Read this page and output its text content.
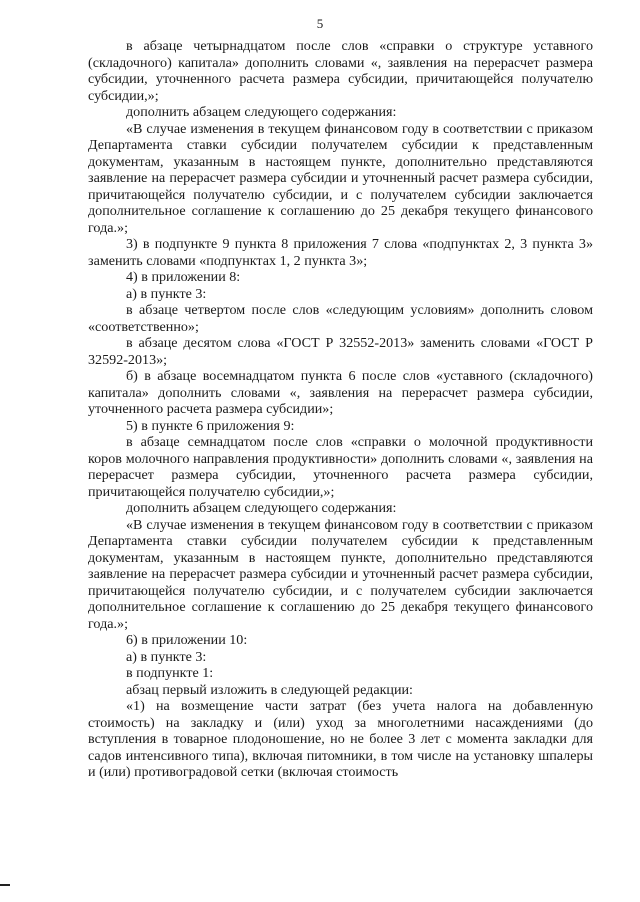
5

в абзаце четырнадцатом после слов «справки о структуре уставного (складочного) капитала» дополнить словами «, заявления на перерасчет размера субсидии, уточненного расчета размера субсидии, причитающейся получателю субсидии,»;

дополнить абзацем следующего содержания:

«В случае изменения в текущем финансовом году в соответствии с приказом Департамента ставки субсидии получателем субсидии к представленным документам, указанным в настоящем пункте, дополнительно представляются заявление на перерасчет размера субсидии и уточненный расчет размера субсидии, причитающейся получателю субсидии, и с получателем субсидии заключается дополнительное соглашение к соглашению до 25 декабря текущего финансового года.»;

3) в подпункте 9 пункта 8 приложения 7 слова «подпунктах 2, 3 пункта 3» заменить словами «подпунктах 1, 2 пункта 3»;

4) в приложении 8:

а) в пункте 3:

в абзаце четвертом после слов «следующим условиям» дополнить словом «соответственно»;

в абзаце десятом слова «ГОСТ Р 32552-2013» заменить словами «ГОСТ Р 32592-2013»;

б) в абзаце восемнадцатом пункта 6 после слов «уставного (складочного) капитала» дополнить словами «, заявления на перерасчет размера субсидии, уточненного расчета размера субсидии»;

5) в пункте 6 приложения 9:

в абзаце семнадцатом после слов «справки о молочной продуктивности коров молочного направления продуктивности» дополнить словами «, заявления на перерасчет размера субсидии, уточненного расчета размера субсидии, причитающейся получателю субсидии,»;

дополнить абзацем следующего содержания:

«В случае изменения в текущем финансовом году в соответствии с приказом Департамента ставки субсидии получателем субсидии к представленным документам, указанным в настоящем пункте, дополнительно представляются заявление на перерасчет размера субсидии и уточненный расчет размера субсидии, причитающейся получателю субсидии, и с получателем субсидии заключается дополнительное соглашение к соглашению до 25 декабря текущего финансового года.»;

6) в приложении 10:

а) в пункте 3:

в подпункте 1:

абзац первый изложить в следующей редакции:

«1) на возмещение части затрат (без учета налога на добавленную стоимость) на закладку и (или) уход за многолетними насаждениями (до вступления в товарное плодоношение, но не более 3 лет с момента закладки для садов интенсивного типа), включая питомники, в том числе на установку шпалеры и (или) противоградовой сетки (включая стоимость
